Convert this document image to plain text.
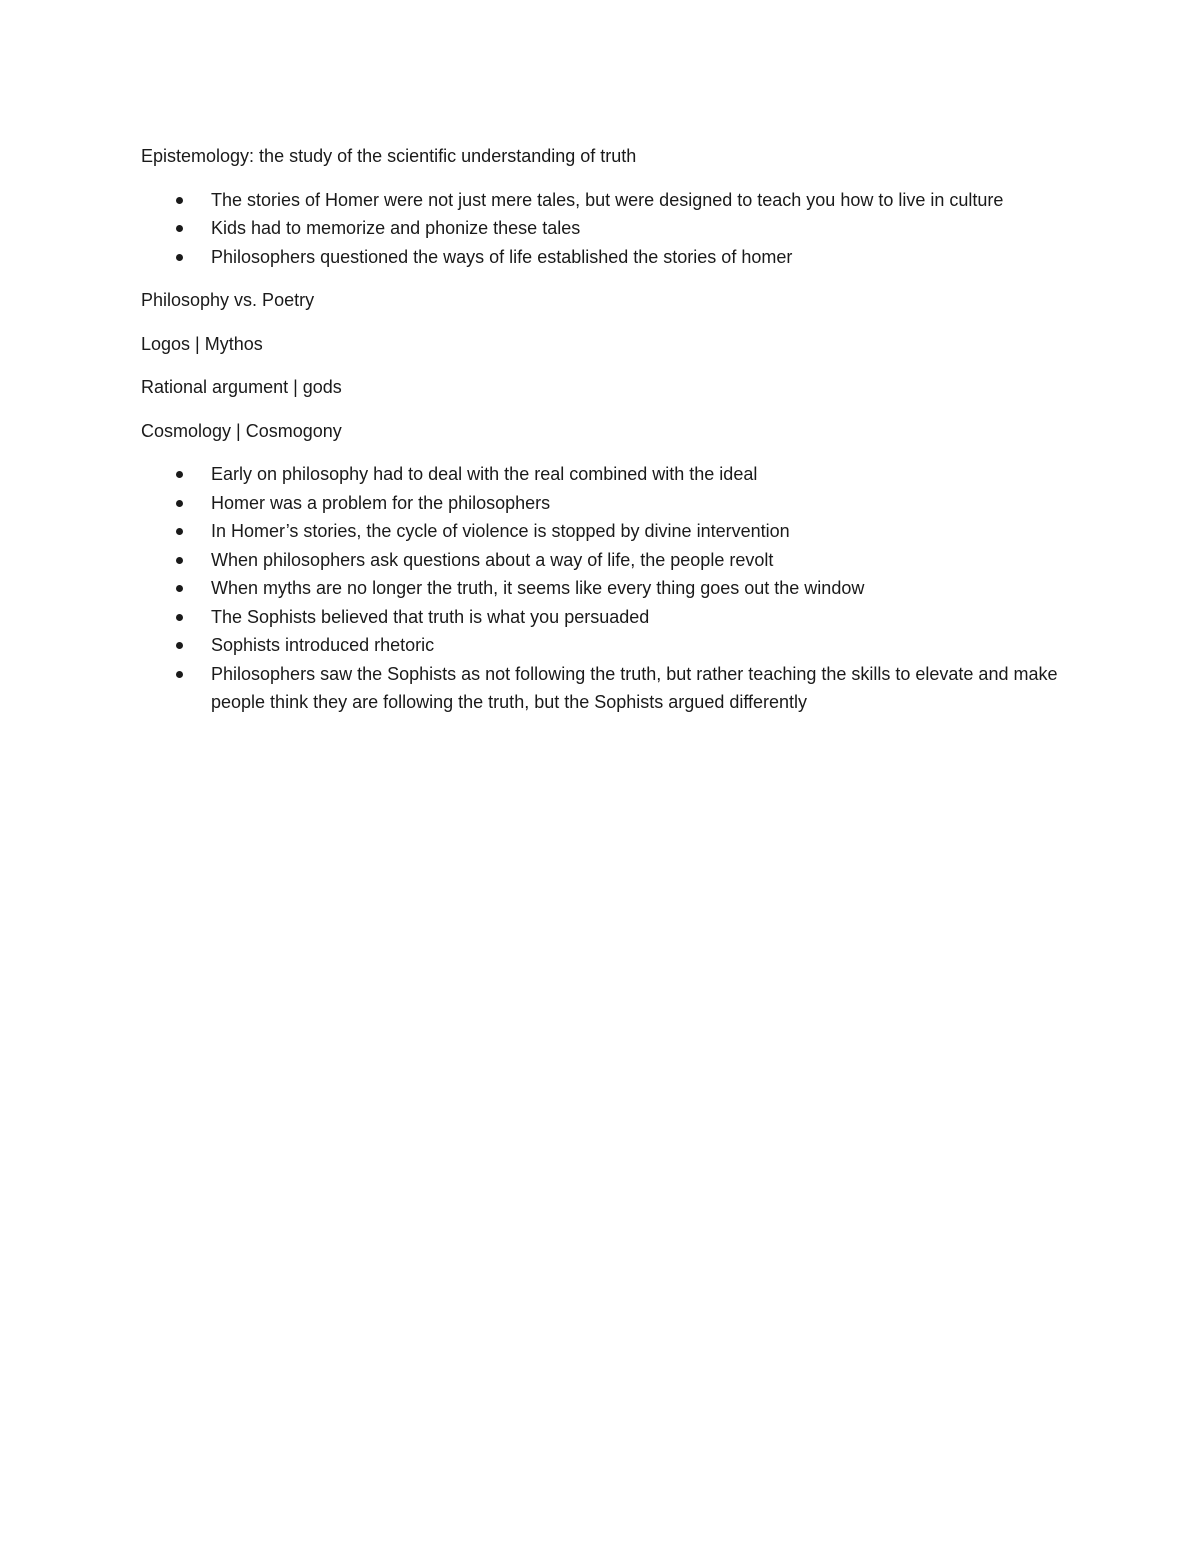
Epistemology: the study of the scientific understanding of truth

The stories of Homer were not just mere tales, but were designed to teach you how to live in culture
Kids had to memorize and phonize these tales
Philosophers questioned the ways of life established the stories of homer

Philosophy vs. Poetry

Logos | Mythos

Rational argument | gods

Cosmology | Cosmogony

Early on philosophy had to deal with the real combined with the ideal
Homer was a problem for the philosophers
In Homer’s stories, the cycle of violence is stopped by divine intervention
When philosophers ask questions about a way of life, the people revolt
When myths are no longer the truth, it seems like every thing goes out the window
The Sophists believed that truth is what you persuaded
Sophists introduced rhetoric
Philosophers saw the Sophists as not following the truth, but rather teaching the skills to elevate and make people think they are following the truth, but the Sophists argued differently
